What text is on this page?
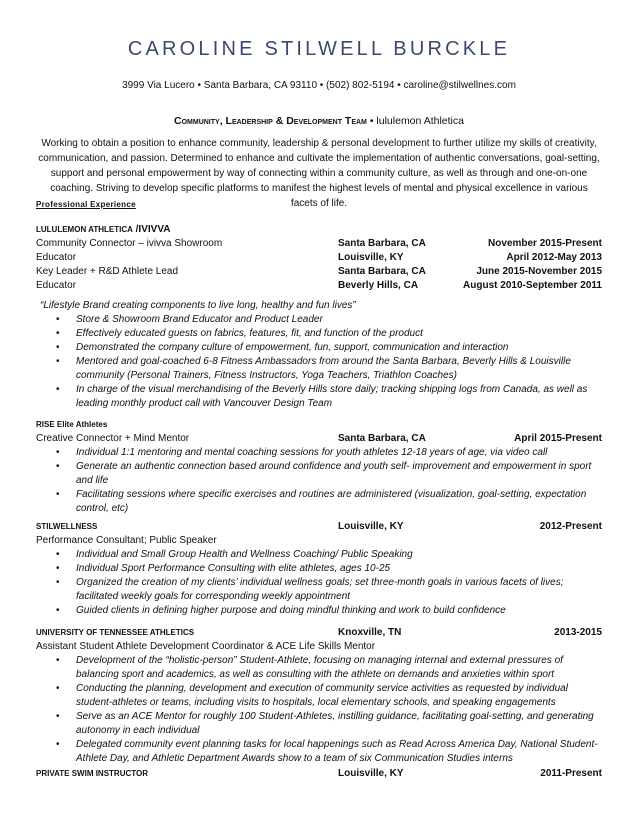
CAROLINE STILWELL BURCKLE
3999 Via Lucero • Santa Barbara, CA 93110 • (502) 802-5194 • caroline@stilwellnes.com
Community, Leadership & Development Team • lululemon Athletica
Working to obtain a position to enhance community, leadership & personal development to further utilize my skills of creativity, communication, and passion. Determined to enhance and cultivate the implementation of authentic conversations, goal-setting, support and personal empowerment by way of connecting within a community culture, as well as through and one-on-one coaching. Striving to develop specific platforms to manifest the highest levels of mental and physical excellence in various facets of life.
Professional Experience
LULULEMON ATHLETICA /IVIVVA
Community Connector – ivivva Showroom	Santa Barbara, CA	November 2015-Present
Educator	Louisville, KY	April 2012-May 2013
Key Leader + R&D Athlete Lead	Santa Barbara, CA	June 2015-November 2015
Educator	Beverly Hills, CA	August 2010-September 2011
“Lifestyle Brand creating components to live long, healthy and fun lives”
• Store & Showroom Brand Educator and Product Leader
• Effectively educated guests on fabrics, features, fit, and function of the product
• Demonstrated the company culture of empowerment, fun, support, communication and interaction
• Mentored and goal-coached 6-8 Fitness Ambassadors from around the Santa Barbara, Beverly Hills & Louisville community (Personal Trainers, Fitness Instructors, Yoga Teachers, Triathlon Coaches)
• In charge of the visual merchandising of the Beverly Hills store daily; tracking shipping logs from Canada, as well as leading monthly product call with Vancouver Design Team
RISE Elite Athletes
Creative Connector + Mind Mentor	Santa Barbara, CA	April 2015-Present
• Individual 1:1 mentoring and mental coaching sessions for youth athletes 12-18 years of age, via video call
• Generate an authentic connection based around confidence and youth self- improvement and empowerment in sport and life
• Facilitating sessions where specific exercises and routines are administered (visualization, goal-setting, expectation control, etc)
STILWELLNESS	Louisville, KY	2012-Present
Performance Consultant; Public Speaker
• Individual and Small Group Health and Wellness Coaching/ Public Speaking
• Individual Sport Performance Consulting with elite athletes, ages 10-25
• Organized the creation of my clients’ individual wellness goals; set three-month goals in various facets of lives; facilitated weekly goals for corresponding weekly appointment
• Guided clients in defining higher purpose and doing mindful thinking and work to build confidence
UNIVERSITY OF TENNESSEE ATHLETICS	Knoxville, TN	2013-2015
Assistant Student Athlete Development Coordinator & ACE Life Skills Mentor
• Development of the “holistic-person” Student-Athlete, focusing on managing internal and external pressures of balancing sport and academics, as well as consulting with the athlete on demands and anxieties within sport
• Conducting the planning, development and execution of community service activities as requested by individual student-athletes or teams, including visits to hospitals, local elementary schools, and speaking engagements
• Serve as an ACE Mentor for roughly 100 Student-Athletes, instilling guidance, facilitating goal-setting, and generating autonomy in each individual
• Delegated community event planning tasks for local happenings such as Read Across America Day, National Student-Athlete Day, and Athletic Department Awards show to a team of six Communication Studies interns
PRIVATE SWIM INSTRUCTOR	Louisville, KY	2011-Present
